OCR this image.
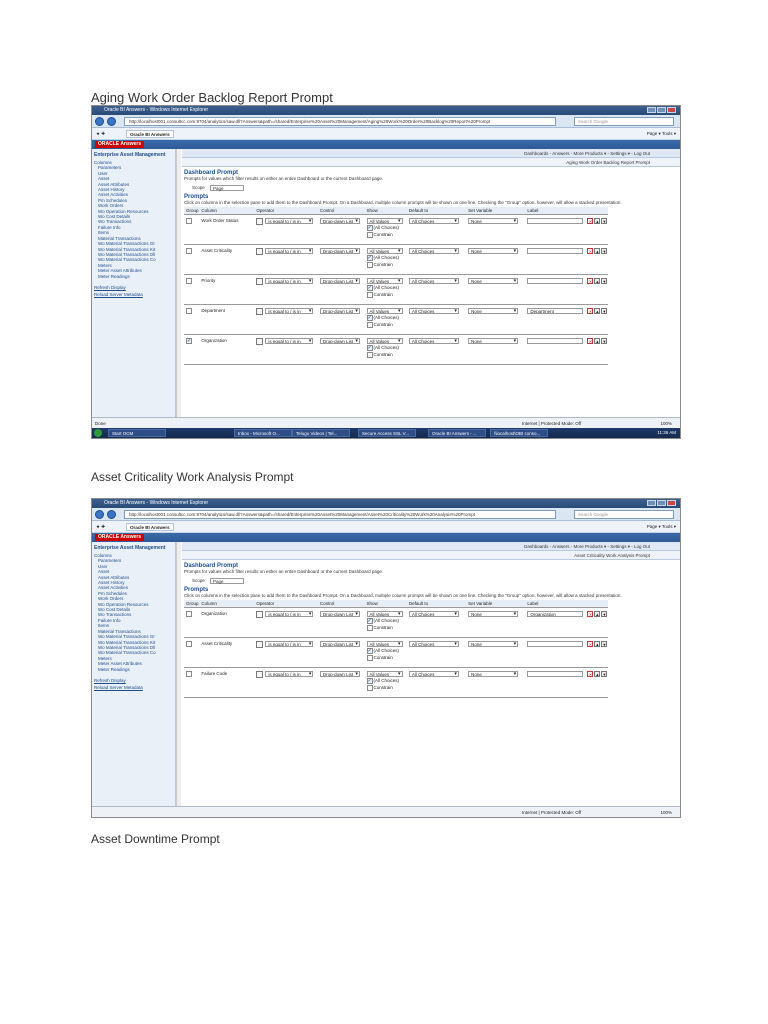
Aging Work Order Backlog Report Prompt
Oracle BI Answers - Windows Internet Explorer
http://localhost001.consultcc.com:9704/analytics/saw.dll?Answers&path=/shared/Enterprise%20Asset%20Management/Aging%20Work%20Order%20Backlog%20Report%20Prompt	Search Google
★ ✚	Oracle BI Answers	Page ▾ Tools ▾
ORACLE Answers
Enterprise Asset Management
Columns
Parameters
User
Asset
Asset Attributes
Asset History
Asset Activities
Pm Schedules
Work Orders
Wo Operation Resources
Wo Cost Details
Wo Transactions
Failure Info
Items
Material Transactions
Wo Material Transactions Gr
Wo Material Transactions Kit
Wo Material Transactions Dll
Wo Material Transactions Co
Meters
Meter Asset Attributes
Meter Readings
Refresh Display
Reload Server Metadata
Dashboards - Answers - More Products ▾ - Settings ▾ - Log Out
Aging Work Order Backlog Report Prompt
Dashboard Prompt
Prompts for values which filter results on either an entire Dashboard or the current Dashboard page.
Scope Page
Prompts
Click on columns in the selection pane to add them to the Dashboard Prompt. On a Dashboard, multiple column prompts will be shown on one line. Checking the "Group" option, however, will allow a stacked presentation.
Group	Column	Operator	Control	Show	Default to	Set Variable	Label
	Work Order Status	is equal to / is in ▾	Drop-down List ▾	All Values ▾
✓(All Choices)
Constrain	All Choices ▾	None ▾	✕ ▲ ▼
	Asset Criticality	is equal to / is in ▾	Drop-down List ▾	All Values ▾
✓(All Choices)
Constrain	All Choices ▾	None ▾	✕ ▲ ▼
	Priority	is equal to / is in ▾	Drop-down List ▾	All Values ▾
✓(All Choices)
Constrain	All Choices ▾	None ▾	✕ ▲ ▼
	Department	is equal to / is in ▾	Drop-down List ▾	All Values ▾
✓(All Choices)
Constrain	All Choices ▾	None ▾	Department ✕ ▲ ▼
✓	Organization	is equal to / is in ▾	Drop-down List ▾	All Values ▾
✓(All Choices)
Constrain	All Choices ▾	None ▾	✕ ▲ ▼
Done	Internet | Protected Mode: Off	100%
Start OCM	Inbox - Microsoft O...	Telugu Videos | Tel...	Secure Access SSL V...	Oracle BI Answers - ...	\\localhost\OBI conso...	11:36 AM
Asset Criticality Work Analysis Prompt
Oracle BI Answers - Windows Internet Explorer
http://localhost001.consultcc.com:9704/analytics/saw.dll?Answers&path=/shared/Enterprise%20Asset%20Management/Asset%20Criticality%20Work%20Analysis%20Prompt	Search Google
★ ✚	Oracle BI Answers	Page ▾ Tools ▾
ORACLE Answers
Enterprise Asset Management
Columns
Parameters
User
Asset
Asset Attributes
Asset History
Asset Activities
Pm Schedules
Work Orders
Wo Operation Resources
Wo Cost Details
Wo Transactions
Failure Info
Items
Material Transactions
Wo Material Transactions Gr
Wo Material Transactions Kit
Wo Material Transactions Dll
Wo Material Transactions Co
Meters
Meter Asset Attributes
Meter Readings
Refresh Display
Reload Server Metadata
Dashboards - Answers - More Products ▾ - Settings ▾ - Log Out
Asset Criticality Work Analysis Prompt
Dashboard Prompt
Prompts for values which filter results on either an entire Dashboard or the current Dashboard page.
Scope Page
Prompts
Click on columns in the selection pane to add them to the Dashboard Prompt. On a Dashboard, multiple column prompts will be shown on one line. Checking the "Group" option, however, will allow a stacked presentation.
Group	Column	Operator	Control	Show	Default to	Set Variable	Label
	Organization	is equal to / is in ▾	Drop-down List ▾	All Values ▾
✓(All Choices)
Constrain	All Choices ▾	None ▾	Organization ✕ ▲ ▼
	Asset Criticality	is equal to / is in ▾	Drop-down List ▾	All Values ▾
✓(All Choices)
Constrain	All Choices ▾	None ▾	✕ ▲ ▼
	Failure Code	is equal to / is in ▾	Drop-down List ▾	All Values ▾
✓(All Choices)
Constrain	All Choices ▾	None ▾	✕ ▲ ▼
Internet | Protected Mode: Off	100%
Asset Downtime Prompt
